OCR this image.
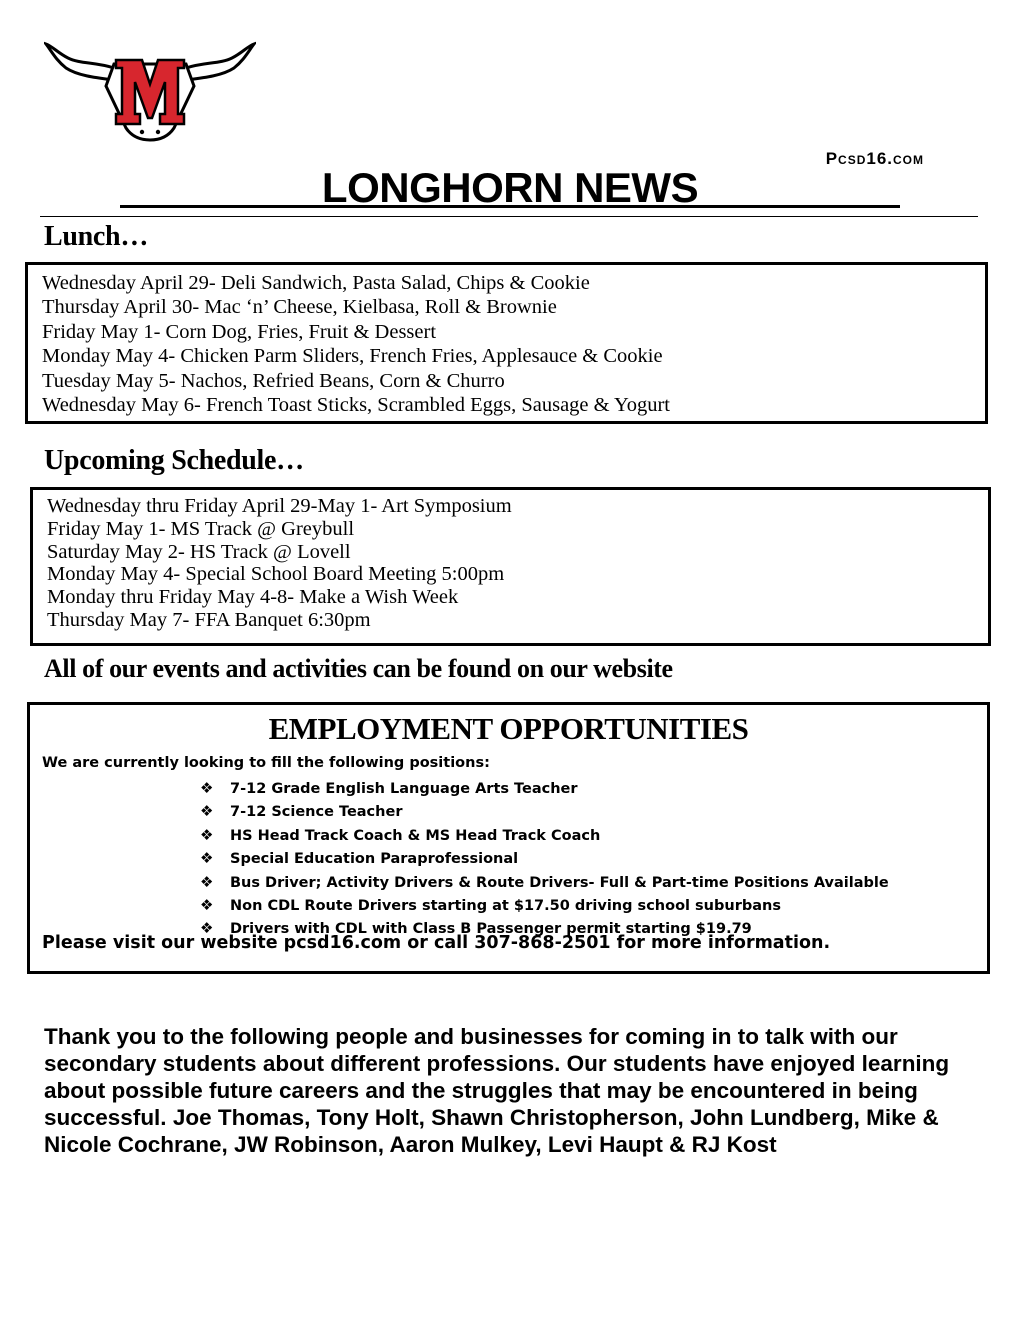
Pcsd16.com
LONGHORN NEWS
Lunch…
Wednesday April 29- Deli Sandwich, Pasta Salad, Chips & Cookie
Thursday April 30- Mac ‘n’ Cheese, Kielbasa, Roll & Brownie
Friday May 1- Corn Dog, Fries, Fruit & Dessert
Monday May 4- Chicken Parm Sliders, French Fries, Applesauce & Cookie
Tuesday May 5- Nachos, Refried Beans, Corn & Churro
Wednesday May 6- French Toast Sticks, Scrambled Eggs, Sausage & Yogurt
Upcoming Schedule…
Wednesday thru Friday April 29-May 1- Art Symposium
Friday May 1- MS Track @ Greybull
Saturday May 2- HS Track @ Lovell
Monday May 4- Special School Board Meeting 5:00pm
Monday thru Friday May 4-8- Make a Wish Week
Thursday May 7- FFA Banquet 6:30pm
All of our events and activities can be found on our website
EMPLOYMENT OPPORTUNITIES
We are currently looking to fill the following positions:
❖ 7-12 Grade English Language Arts Teacher
❖ 7-12 Science Teacher
❖ HS Head Track Coach & MS Head Track Coach
❖ Special Education Paraprofessional
❖ Bus Driver; Activity Drivers & Route Drivers- Full & Part-time Positions Available
❖ Non CDL Route Drivers starting at $17.50 driving school suburbans
❖ Drivers with CDL with Class B Passenger permit starting $19.79
Please visit our website pcsd16.com or call 307-868-2501 for more information.
Thank you to the following people and businesses for coming in to talk with our secondary students about different professions. Our students have enjoyed learning about possible future careers and the struggles that may be encountered in being successful. Joe Thomas, Tony Holt, Shawn Christopherson, John Lundberg, Mike & Nicole Cochrane, JW Robinson, Aaron Mulkey, Levi Haupt & RJ Kost
